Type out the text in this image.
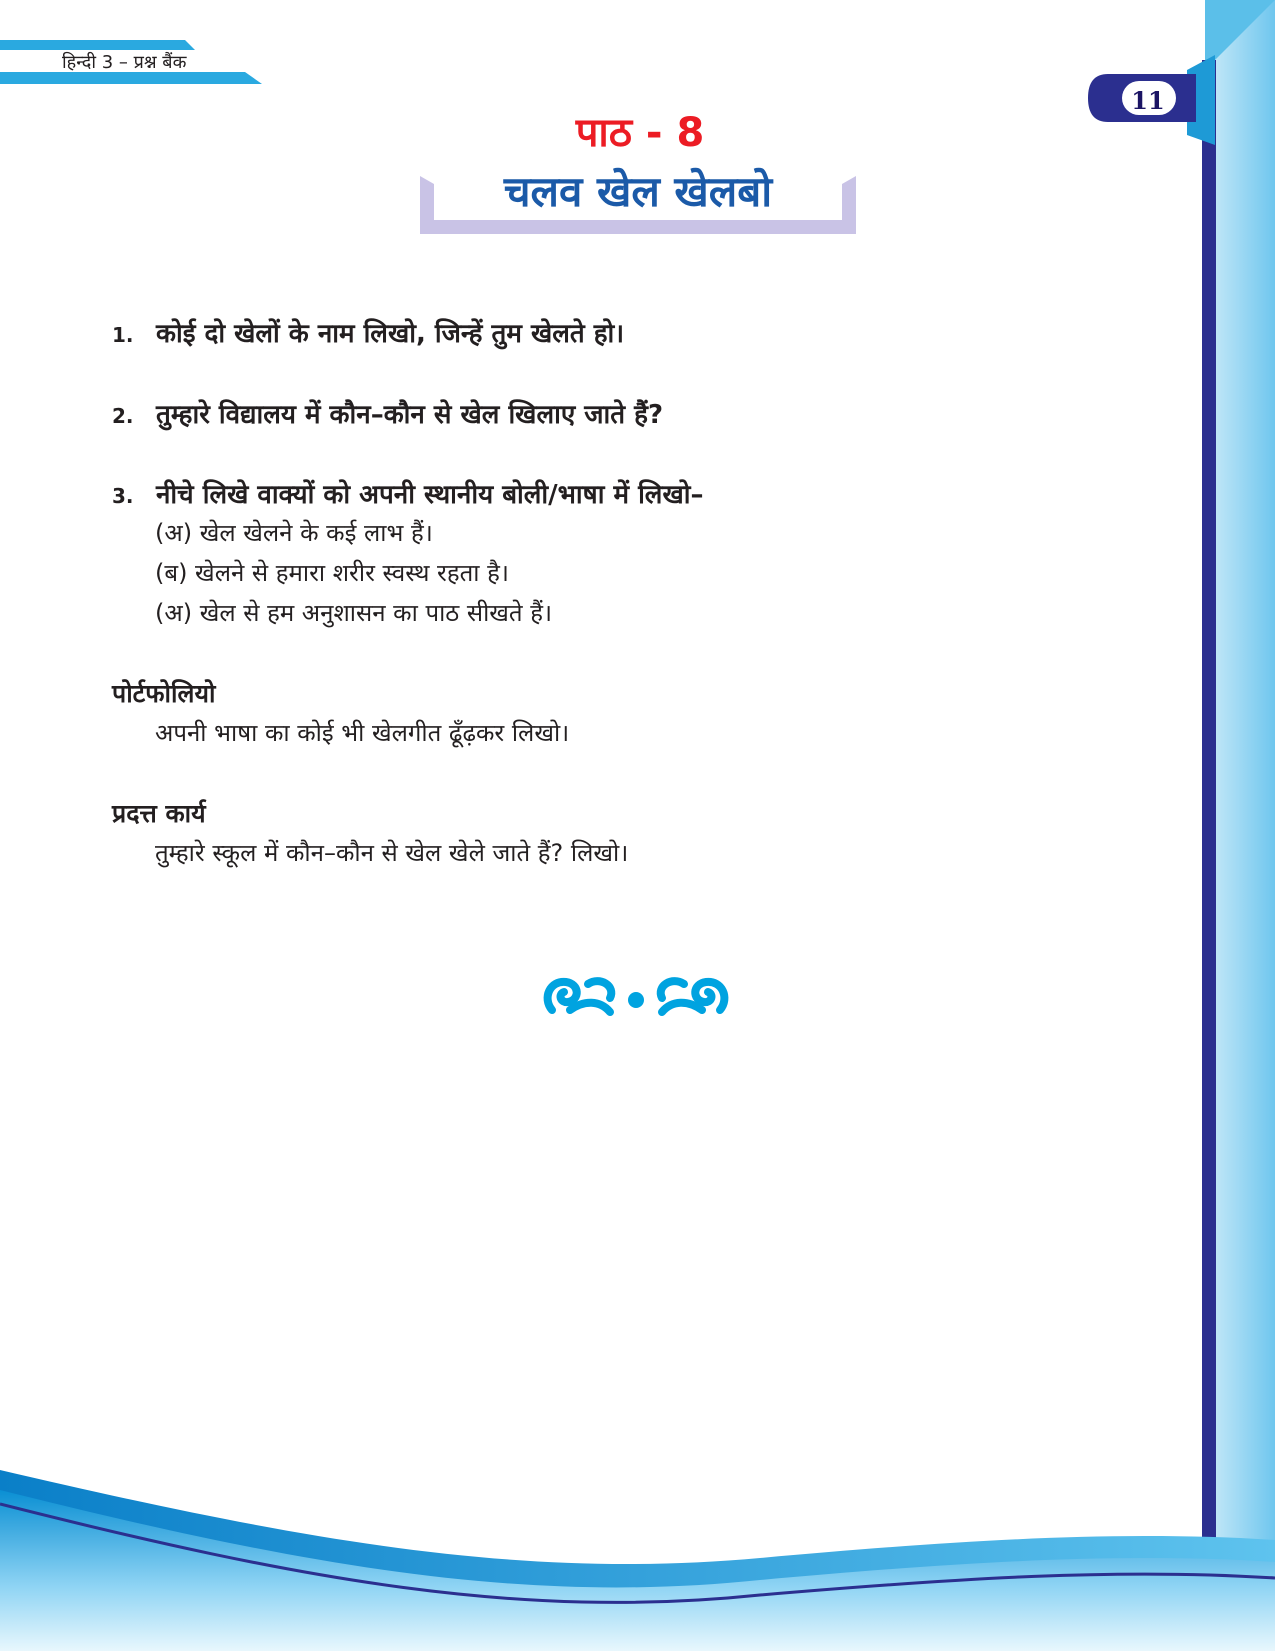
हिन्दी 3 – प्रश्न बैंक
11
पाठ - 8
चलव खेल खेलबो
1. कोई दो खेलों के नाम लिखो, जिन्हें तुम खेलते हो।
2. तुम्हारे विद्यालय में कौन–कौन से खेल खिलाए जाते हैं?
3. नीचे लिखे वाक्यों को अपनी स्थानीय बोली/भाषा में लिखो–
(अ) खेल खेलने के कई लाभ हैं।
(ब) खेलने से हमारा शरीर स्वस्थ रहता है।
(अ) खेल से हम अनुशासन का पाठ सीखते हैं।
पोर्टफोलियो
अपनी भाषा का कोई भी खेलगीत ढूँढ़कर लिखो।
प्रदत्त कार्य
तुम्हारे स्कूल में कौन–कौन से खेल खेले जाते हैं? लिखो।
